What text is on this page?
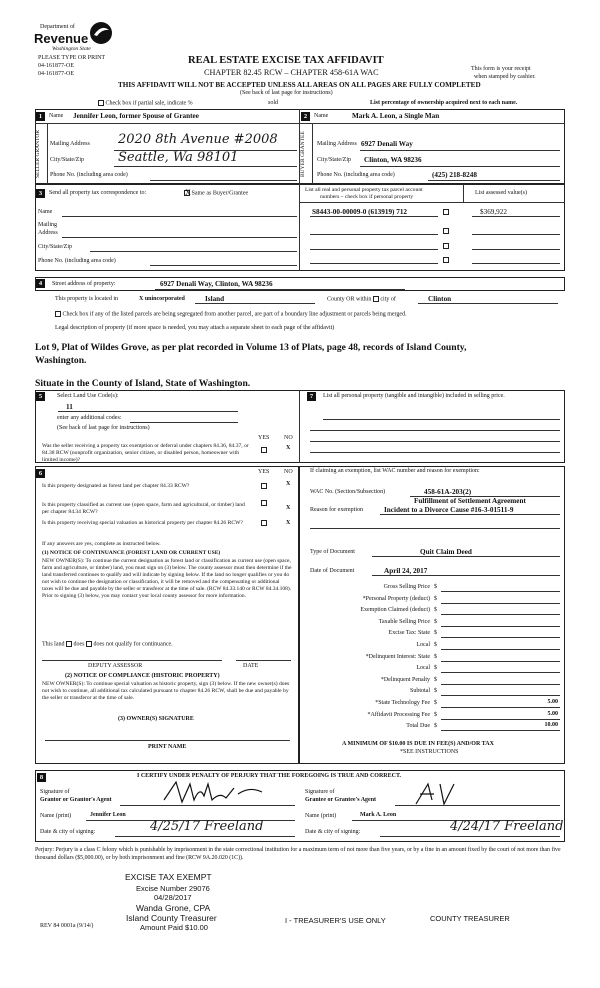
Department of
Revenue
Washington State
PLEASE TYPE OR PRINT
04-161877-OE
04-161877-OE
REAL ESTATE EXCISE TAX AFFIDAVIT
CHAPTER 82.45 RCW – CHAPTER 458-61A WAC	This form is your receipt
when stamped by cashier.
THIS AFFIDAVIT WILL NOT BE ACCEPTED UNLESS ALL AREAS ON ALL PAGES ARE FULLY COMPLETED
(See back of last page for instructions)
Check box if partial sale, indicate %	sold	List percentage of ownership acquired next to each name.
1	Name Jennifer Leon, former Spouse of Grantee
SELLER GRANTOR	Mailing Address 2020 8th Avenue #2008
City/State/Zip	Seattle, Wa 98101
Phone No. (including area code)
2	Name	Mark A. Leon, a Single Man
BUYER GRANTEE	Mailing Address 6927 Denali Way
City/State/Zip Clinton, WA 98236
Phone No. (including area code)	(425) 218-8248
3	Send all property tax correspondence to:	X Same as Buyer/Grantee
Name
Mailing
Address
City/State/Zip
Phone No. (including area code)
List all real and personal property tax parcel account
numbers – check box if personal property
List assessed value(s)
S8443-00-00009-0 (613919) 712	$369,922
4	Street address of property:	6927 Denali Way, Clinton, WA 98236
This property is located in	X unincorporated	Island	County OR within city of	Clinton
Check box if any of the listed parcels are being segregated from another parcel, are part of a boundary line adjustment or parcels being merged.
Legal description of property (if more space is needed, you may attach a separate sheet to each page of the affidavit)
Lot 9, Plat of Wildes Grove, as per plat recorded in Volume 13 of Plats, page 48, records of Island County,
Washington.
Situate in the County of Island, State of Washington.
5	Select Land Use Code(s):
11
enter any additional codes:
(See back of last page for instructions)
YES NO
Was the seller receiving a property tax exemption or deferral under chapters 84.36, 84.37, or 84.38 RCW (nonprofit organization, senior citizen, or disabled person, homeowner with limited income)?
X
7	List all personal property (tangible and intangible) included in selling price.
6	YES NO
Is this property designated as forest land per chapter 84.33 RCW?	X
Is this property classified as current use (open space, farm and agricultural, or timber) land per chapter 84.34 RCW?
X
Is this property receiving special valuation as historical property per chapter 84.26 RCW?	X
If any answers are yes, complete as instructed below.
(1) NOTICE OF CONTINUANCE (FOREST LAND OR CURRENT USE)
NEW OWNER(S): To continue the current designation as forest land or classification as current use (open space, farm and agriculture, or timber) land, you must sign on (3) below. The county assessor must then determine if the land transferred continues to qualify and will indicate by signing below. If the land no longer qualifies or you do not wish to continue the designation or classification, it will be removed and the compensating or additional taxes will be due and payable by the seller or transferor at the time of sale. (RCW 84.33.140 or RCW 84.34.108). Prior to signing (3) below, you may contact your local county assessor for more information.
This land does does not qualify for continuance.
DEPUTY ASSESSOR	DATE
(2) NOTICE OF COMPLIANCE (HISTORIC PROPERTY)
NEW OWNER(S): To continue special valuation as historic property, sign (3) below. If the new owner(s) does not wish to continue, all additional tax calculated pursuant to chapter 84.26 RCW, shall be due and payable by the seller or transferor at the time of sale.
(3) OWNER(S) SIGNATURE
PRINT NAME
If claiming an exemption, list WAC number and reason for exemption:
WAC No. (Section/Subsection)	458-61A-203(2)
Fulfillment of Settlement Agreement
Reason for exemption	Incident to a Divorce Cause #16-3-01511-9
Type of Document	Quit Claim Deed
Date of Document	April 24, 2017
Gross Selling Price $
*Personal Property (deduct) $
Exemption Claimed (deduct) $
Taxable Selling Price $
Excise Tax: State $
Local $
*Delinquent Interest: State $
Local $
*Delinquent Penalty $
Subtotal $
*State Technology Fee $	5.00
*Affidavit Processing Fee $	5.00
Total Due $	10.00
A MINIMUM OF $10.00 IS DUE IN FEE(S) AND/OR TAX
*SEE INSTRUCTIONS
8	I CERTIFY UNDER PENALTY OF PERJURY THAT THE FOREGOING IS TRUE AND CORRECT.
Signature of
Grantor or Grantor's Agent
Name (print)	Jennifer Leon
Date & city of signing:	4/25/17 Freeland
Signature of
Grantee or Grantee's Agent
Name (print)	Mark A. Leon
Date & city of signing:	4/24/17 Freeland
Perjury: Perjury is a class C felony which is punishable by imprisonment in the state correctional institution for a maximum term of not more than five years, or by a fine in an amount fixed by the court of not more than five thousand dollars ($5,000.00), or by both imprisonment and fine (RCW 9A.20.020 (1C)).
EXCISE TAX EXEMPT
Excise Number 29076
04/28/2017
Wanda Grone, CPA
Island County Treasurer
Amount Paid $10.00
REV 84 0001a (9/14/)
I - TREASURER'S USE ONLY	COUNTY TREASURER
